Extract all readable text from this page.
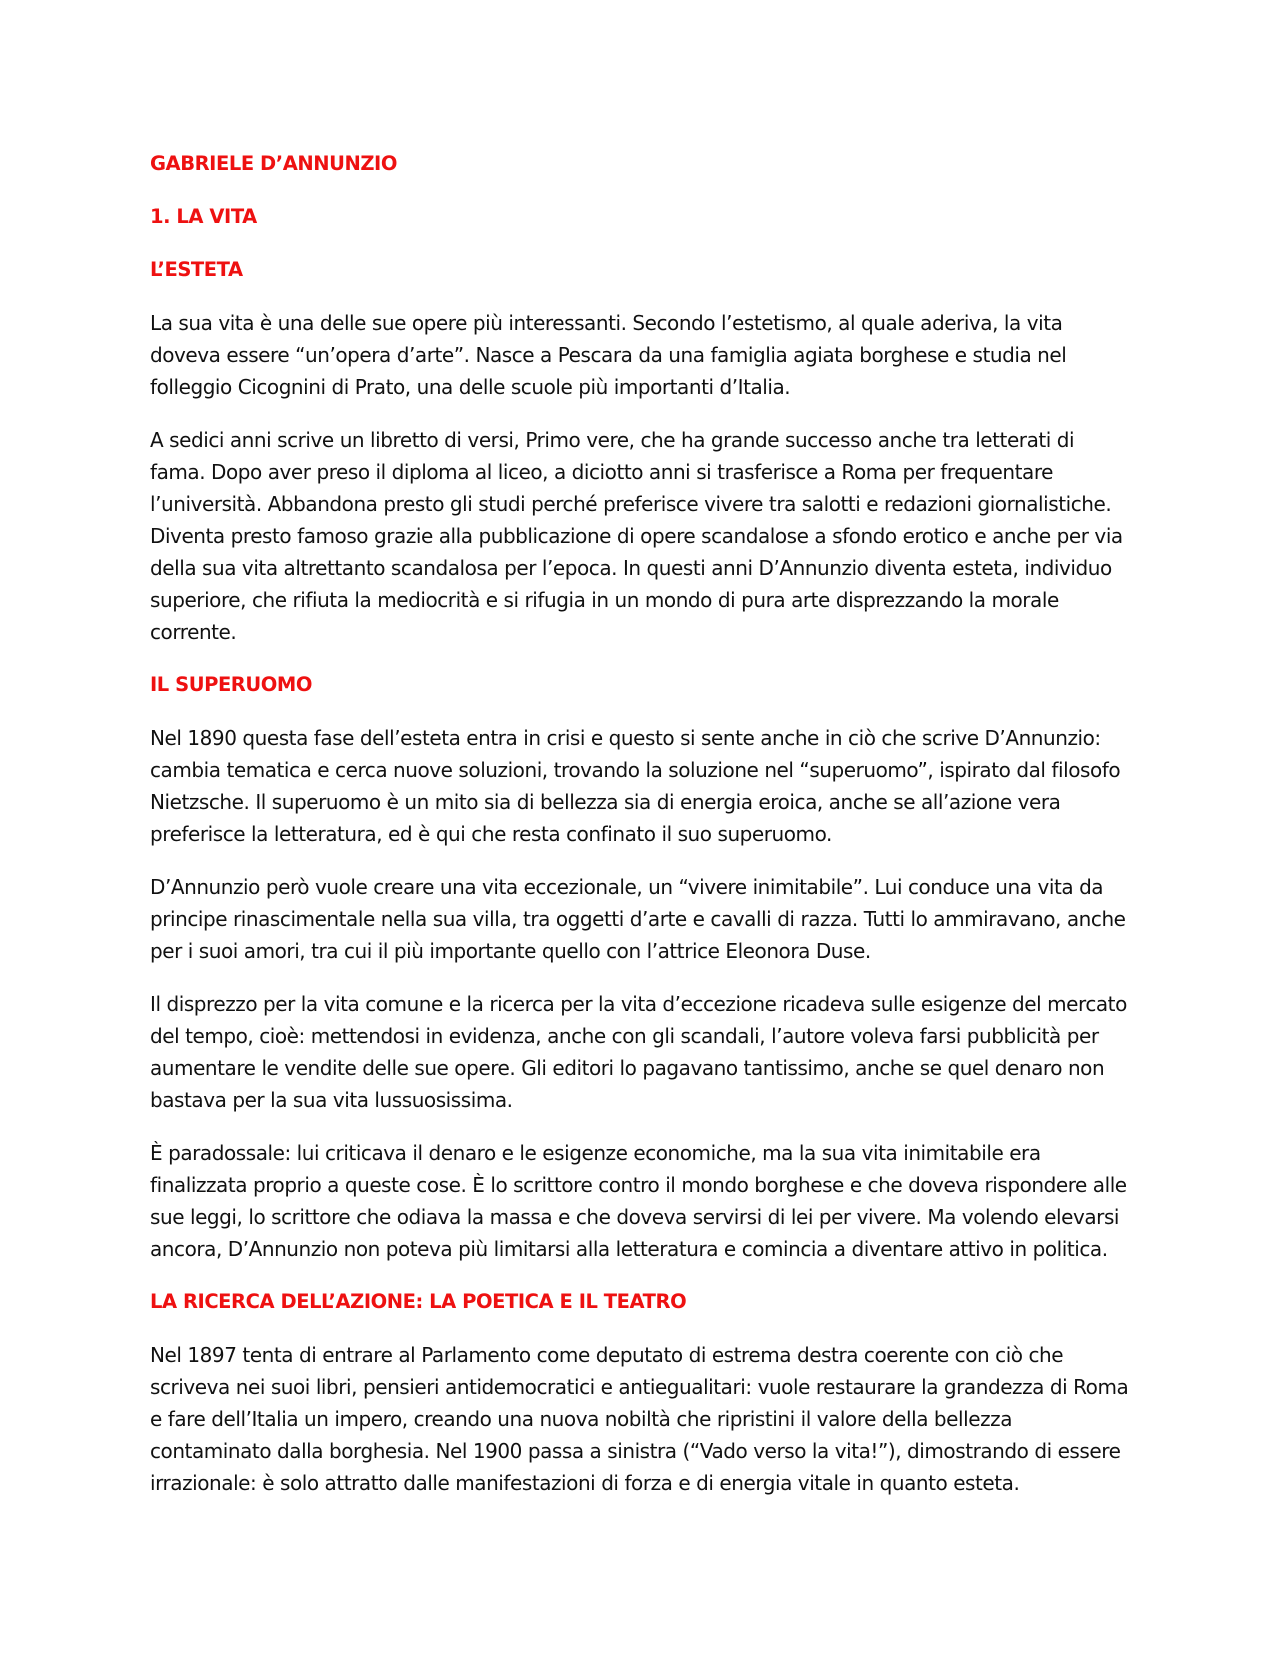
GABRIELE D’ANNUNZIO
1. LA VITA
L’ESTETA

La sua vita è una delle sue opere più interessanti. Secondo l’estetismo, al quale aderiva, la vita doveva essere “un’opera d’arte”. Nasce a Pescara da una famiglia agiata borghese e studia nel folleggio Cicognini di Prato, una delle scuole più importanti d’Italia.

A sedici anni scrive un libretto di versi, Primo vere, che ha grande successo anche tra letterati di fama. Dopo aver preso il diploma al liceo, a diciotto anni si trasferisce a Roma per frequentare l’università. Abbandona presto gli studi perché preferisce vivere tra salotti e redazioni giornalistiche. Diventa presto famoso grazie alla pubblicazione di opere scandalose a sfondo erotico e anche per via della sua vita altrettanto scandalosa per l’epoca. In questi anni D’Annunzio diventa esteta, individuo superiore, che rifiuta la mediocrità e si rifugia in un mondo di pura arte disprezzando la morale corrente.

IL SUPERUOMO

Nel 1890 questa fase dell’esteta entra in crisi e questo si sente anche in ciò che scrive D’Annunzio: cambia tematica e cerca nuove soluzioni, trovando la soluzione nel “superuomo”, ispirato dal filosofo Nietzsche. Il superuomo è un mito sia di bellezza sia di energia eroica, anche se all’azione vera preferisce la letteratura, ed è qui che resta confinato il suo superuomo.

D’Annunzio però vuole creare una vita eccezionale, un “vivere inimitabile”. Lui conduce una vita da principe rinascimentale nella sua villa, tra oggetti d’arte e cavalli di razza. Tutti lo ammiravano, anche per i suoi amori, tra cui il più importante quello con l’attrice Eleonora Duse.

Il disprezzo per la vita comune e la ricerca per la vita d’eccezione ricadeva sulle esigenze del mercato del tempo, cioè: mettendosi in evidenza, anche con gli scandali, l’autore voleva farsi pubblicità per aumentare le vendite delle sue opere. Gli editori lo pagavano tantissimo, anche se quel denaro non bastava per la sua vita lussuosissima.

È paradossale: lui criticava il denaro e le esigenze economiche, ma la sua vita inimitabile era finalizzata proprio a queste cose. È lo scrittore contro il mondo borghese e che doveva rispondere alle sue leggi, lo scrittore che odiava la massa e che doveva servirsi di lei per vivere. Ma volendo elevarsi ancora, D’Annunzio non poteva più limitarsi alla letteratura e comincia a diventare attivo in politica.

LA RICERCA DELL’AZIONE: LA POETICA E IL TEATRO

Nel 1897 tenta di entrare al Parlamento come deputato di estrema destra coerente con ciò che scriveva nei suoi libri, pensieri antidemocratici e antiegualitari: vuole restaurare la grandezza di Roma e fare dell’Italia un impero, creando una nuova nobiltà che ripristini il valore della bellezza contaminato dalla borghesia. Nel 1900 passa a sinistra (“Vado verso la vita!”), dimostrando di essere irrazionale: è solo attratto dalle manifestazioni di forza e di energia vitale in quanto esteta.
